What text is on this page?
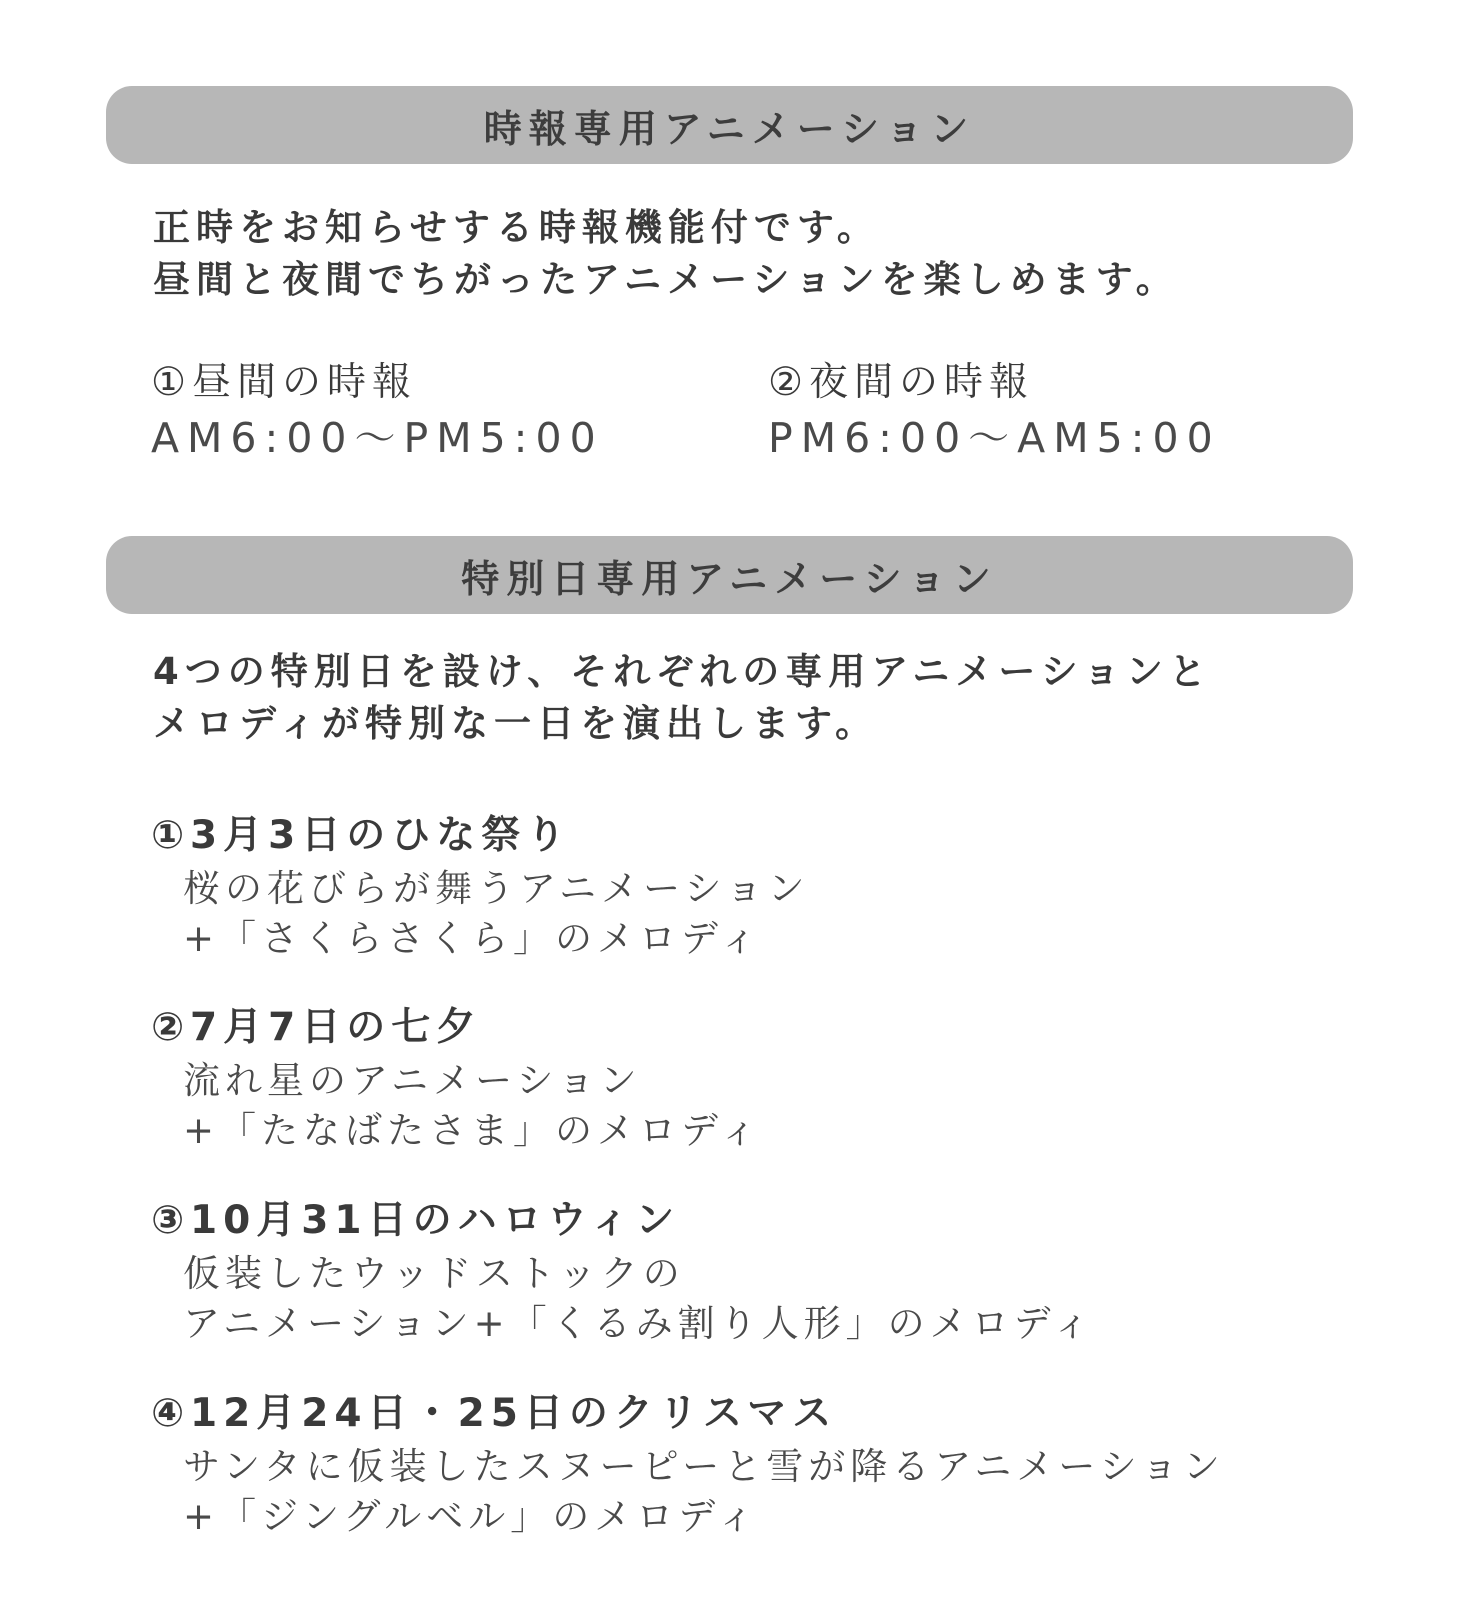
時報専用アニメーション
正時をお知らせする時報機能付です。
昼間と夜間でちがったアニメーションを楽しめます。
①昼間の時報
AM6:00〜PM5:00
②夜間の時報
PM6:00〜AM5:00
特別日専用アニメーション
4つの特別日を設け、それぞれの専用アニメーションと
メロディが特別な一日を演出します。
①3月3日のひな祭り
桜の花びらが舞うアニメーション
+「さくらさくら」のメロディ
②7月7日の七夕
流れ星のアニメーション
+「たなばたさま」のメロディ
③10月31日のハロウィン
仮装したウッドストックの
アニメーション+「くるみ割り人形」のメロディ
④12月24日・25日のクリスマス
サンタに仮装したスヌーピーと雪が降るアニメーション
+「ジングルベル」のメロディ
